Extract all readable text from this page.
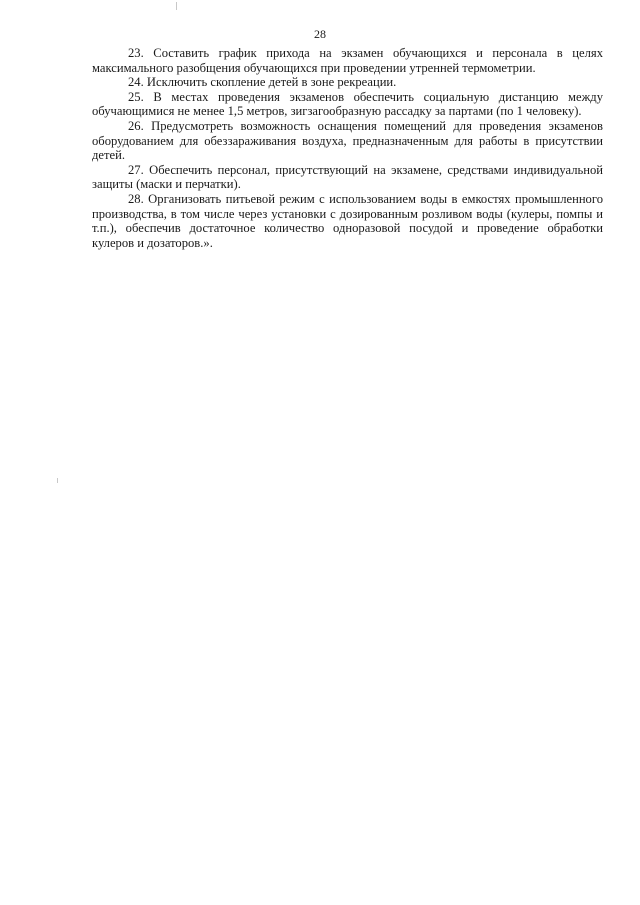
28

23. Составить график прихода на экзамен обучающихся и персонала в целях максимального разобщения обучающихся при проведении утренней термометрии.

24. Исключить скопление детей в зоне рекреации.

25. В местах проведения экзаменов обеспечить социальную дистанцию между обучающимися не менее 1,5 метров, зигзагообразную рассадку за партами (по 1 человеку).

26. Предусмотреть возможность оснащения помещений для проведения экзаменов оборудованием для обеззараживания воздуха, предназначенным для работы в присутствии детей.

27. Обеспечить персонал, присутствующий на экзамене, средствами индивидуальной защиты (маски и перчатки).

28. Организовать питьевой режим с использованием воды в емкостях промышленного производства, в том числе через установки с дозированным розливом воды (кулеры, помпы и т.п.), обеспечив достаточное количество одноразовой посудой и проведение обработки кулеров и дозаторов.».
